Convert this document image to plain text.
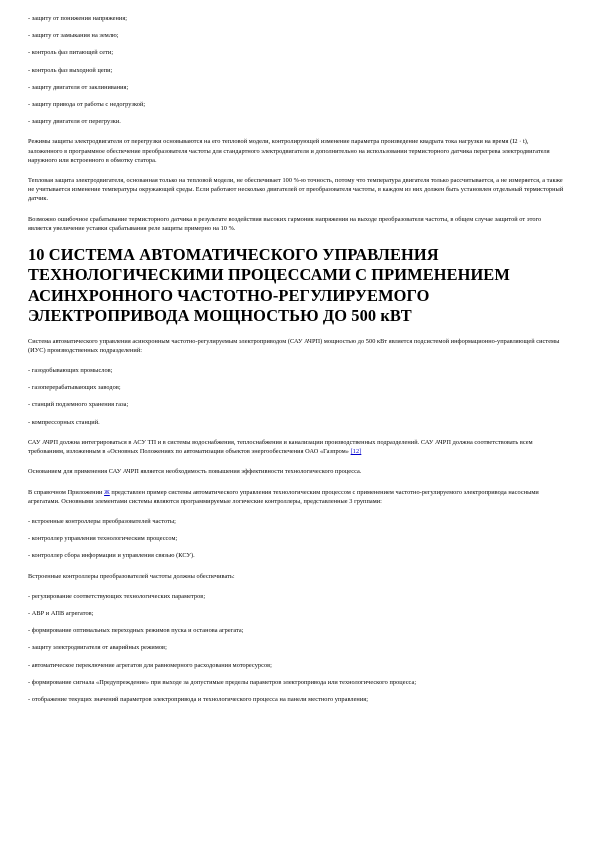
- защиту от понижения напряжения;

- защиту от замыкания на землю;

- контроль фаз питающей сети;

- контроль фаз выходной цепи;

- защиту двигателя от заклинивания;

- защиту привода от работы с недогрузкой;

- защиту двигателя от перегрузки.

Режимы защиты электродвигателя от перегрузки основываются на его тепловой модели, контролирующей изменение параметра произведение квадрата тока нагрузки на время (I2 · t), заложенного в программное обеспечение преобразователя частоты для стандартного электродвигателя и дополнительно на использовании термисторного датчика перегрева электродвигателя наружного или встроенного в обмотку статора.

Тепловая защита электродвигателя, основанная только на тепловой модели, не обеспечивает 100 %-ю точность, потому что температура двигателя только рассчитывается, а не измеряется, а также не учитывается изменение температуры окружающей среды. Если работают несколько двигателей от преобразователя частоты, в каждом из них должен быть установлен отдельный термисторный датчик.

Возможно ошибочное срабатывание термисторного датчика в результате воздействия высоких гармоник напряжения на выходе преобразователя частоты, в общем случае защитой от этого является увеличение уставки срабатывания реле защиты примерно на 10 %.

10 СИСТЕМА АВТОМАТИЧЕСКОГО УПРАВЛЕНИЯ ТЕХНОЛОГИЧЕСКИМИ ПРОЦЕССАМИ С ПРИМЕНЕНИЕМ АСИНХРОННОГО ЧАСТОТНО-РЕГУЛИРУЕМОГО ЭЛЕКТРОПРИВОДА МОЩНОСТЬЮ ДО 500 кВТ

Система автоматического управления асинхронным частотно-регулируемым электроприводом (САУ АЧРП) мощностью до 500 кВт является подсистемой информационно-управляющей системы (ИУС) производственных подразделений:

- газодобывающих промыслов;

- газоперерабатывающих заводов;

- станций подземного хранения газа;

- компрессорных станций.

САУ АЧРП должна интегрироваться в АСУ ТП и в системы водоснабжения, теплоснабжения и канализации производственных подразделений. САУ АЧРП должна соответствовать всем требованиям, изложенным в «Основных Положениях по автоматизации объектов энергообеспечения ОАО «Газпром» [12]

Основанием для применения САУ АЧРП является необходимость повышения эффективности технологического процесса.

В справочном Приложении Ж представлен пример системы автоматического управления технологическим процессом с применением частотно-регулируемого электропривода насосными агрегатами. Основными элементами системы являются программируемые логические контроллеры, представленные 3 группами:

- встроенные контроллеры преобразователей частоты;

- контроллер управления технологическим процессом;

- контроллер сбора информации и управления связью (КСУ).

Встроенные контроллеры преобразователей частоты должны обеспечивать:

- регулирование соответствующих технологических параметров;

- АВР и АПВ агрегатов;

- формирование оптимальных переходных режимов пуска и останова агрегата;

- защиту электродвигателя от аварийных режимов;

- автоматическое переключение агрегатов для равномерного расходования моторесурсов;

- формирование сигнала «Предупреждение» при выходе за допустимые пределы параметров электропривода или технологического процесса;

- отображение текущих значений параметров электропривода и технологического процесса на панели местного управления;
